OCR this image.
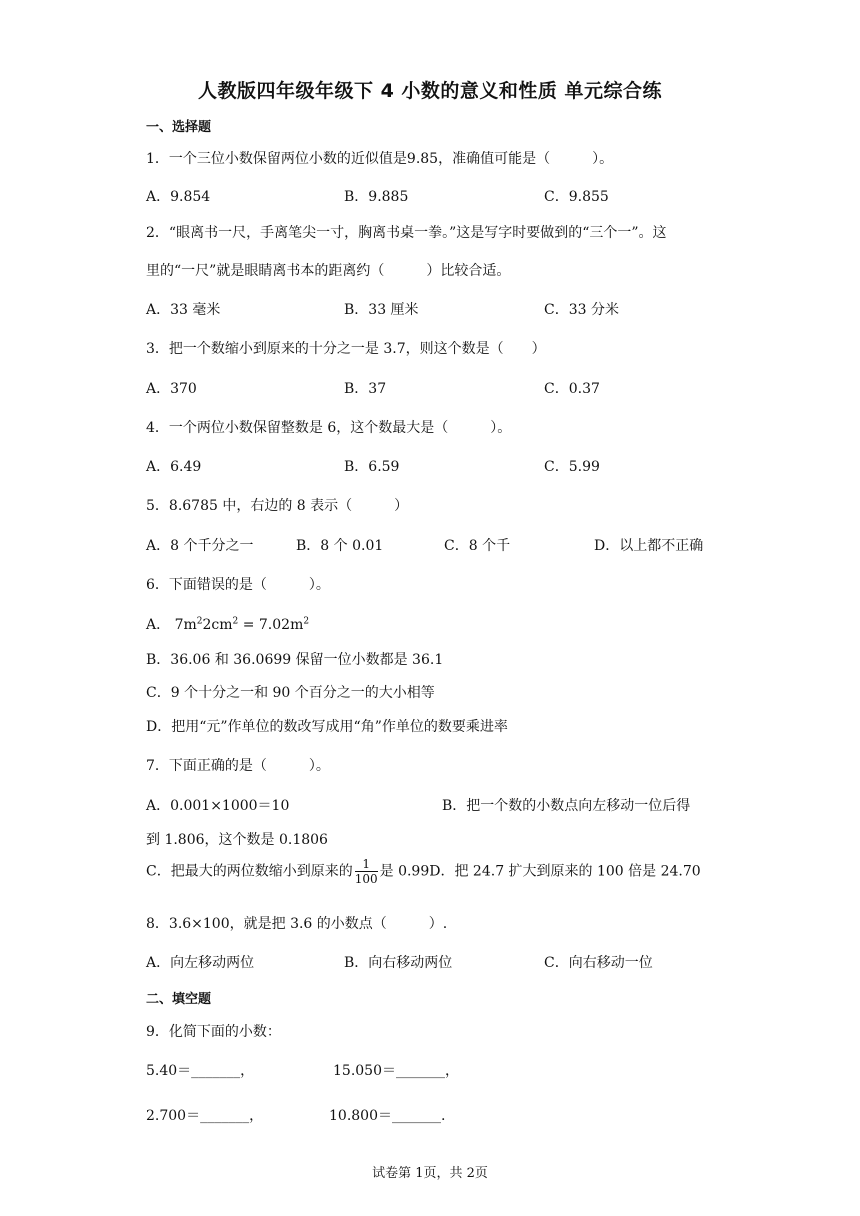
人教版四年级年级下 4 小数的意义和性质 单元综合练
一、选择题
1．一个三位小数保留两位小数的近似值是9.85，准确值可能是（　　　）。
A．9.854	B．9.885	C．9.855
2．“眼离书一尺，手离笔尖一寸，胸离书桌一拳。”这是写字时要做到的“三个一”。这
里的“一尺”就是眼睛离书本的距离约（　　　）比较合适。
A．33 毫米	B．33 厘米	C．33 分米
3．把一个数缩小到原来的十分之一是 3.7，则这个数是（　　）
A．370	B．37	C．0.37
4．一个两位小数保留整数是 6，这个数最大是（　　　）。
A．6.49	B．6.59	C．5.99
5．8.6785 中，右边的 8 表示（　　　）
A．8 个千分之一	B．8 个 0.01	C．8 个千	D．以上都不正确
6．下面错误的是（　　　）。
A． $7m^22cm^2 = 7.02m^2$
B．36.06 和 36.0699 保留一位小数都是 36.1
C．9 个十分之一和 90 个百分之一的大小相等
D．把用“元”作单位的数改写成用“角”作单位的数要乘进率
7．下面正确的是（　　　）。
A．0.001×1000＝10	B．把一个数的小数点向左移动一位后得
到 1.806，这个数是 0.1806
C．把最大的两位数缩小到原来的 $\frac{1}{100}$ 是 0.99D．把 24.7 扩大到原来的 100 倍是 24.70
8．3.6×100，就是把 3.6 的小数点（　　　）.
A．向左移动两位	B．向右移动两位	C．向右移动一位
二、填空题
9．化简下面的小数：
5.40＝_______，	15.050＝_______，
2.700＝_______，	10.800＝_______.
试卷第 1页，共 2页
